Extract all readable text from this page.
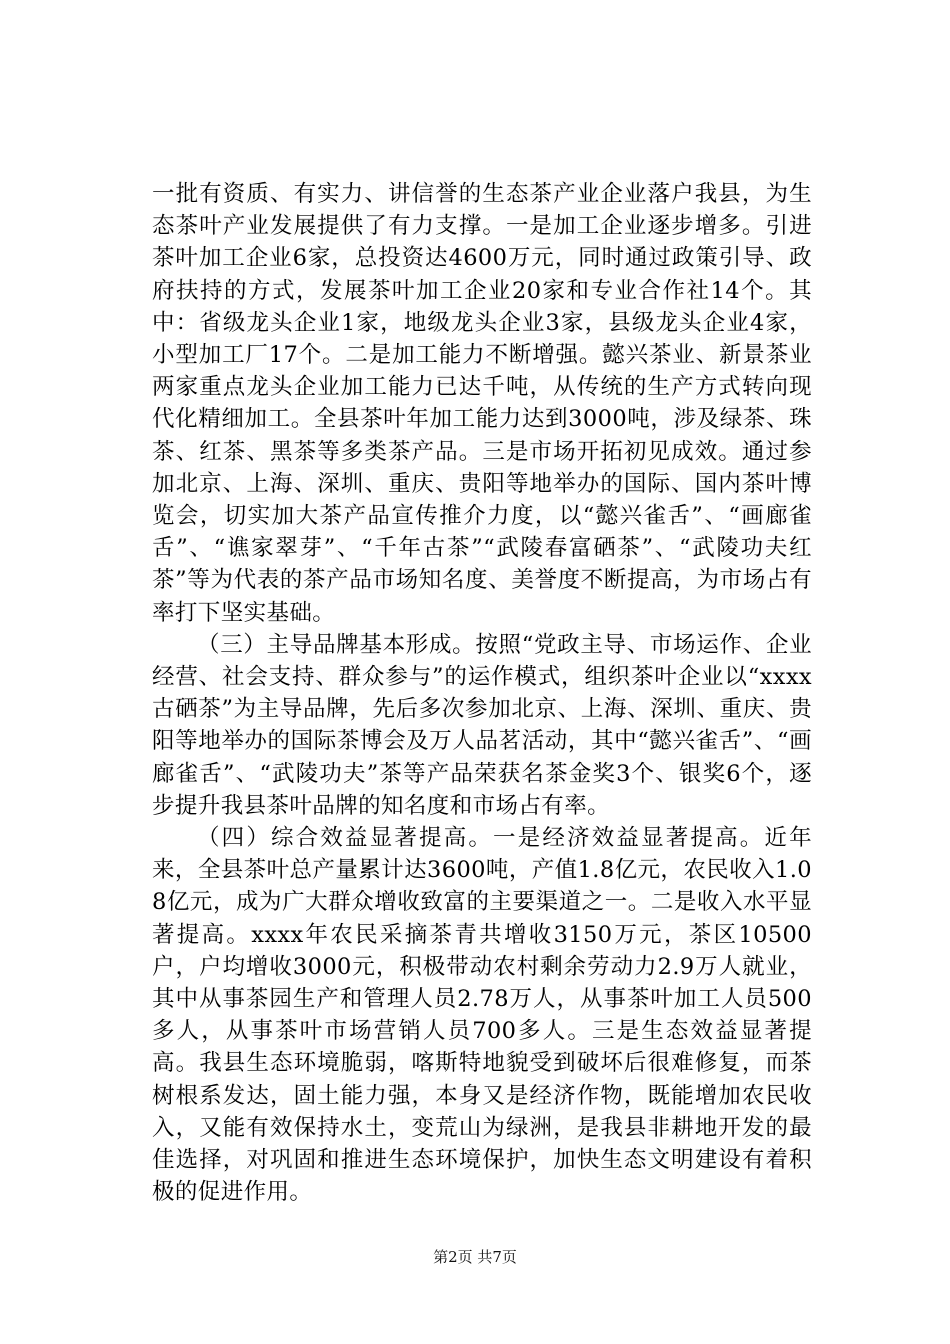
一批有资质、有实力、讲信誉的生态茶产业企业落户我县，为生态茶叶产业发展提供了有力支撑。一是加工企业逐步增多。引进茶叶加工企业6家，总投资达4600万元，同时通过政策引导、政府扶持的方式，发展茶叶加工企业20家和专业合作社14个。其中：省级龙头企业1家，地级龙头企业3家，县级龙头企业4家，小型加工厂17个。二是加工能力不断增强。懿兴茶业、新景茶业两家重点龙头企业加工能力已达千吨，从传统的生产方式转向现代化精细加工。全县茶叶年加工能力达到3000吨，涉及绿茶、珠茶、红茶、黑茶等多类茶产品。三是市场开拓初见成效。通过参加北京、上海、深圳、重庆、贵阳等地举办的国际、国内茶叶博览会，切实加大茶产品宣传推介力度，以“懿兴雀舌”、“画廊雀舌”、“谯家翠芽”、“千年古茶”“武陵春富硒茶”、“武陵功夫红茶”等为代表的茶产品市场知名度、美誉度不断提高，为市场占有率打下坚实基础。

（三）主导品牌基本形成。按照“党政主导、市场运作、企业经营、社会支持、群众参与”的运作模式，组织茶叶企业以“xxxx古硒茶”为主导品牌，先后多次参加北京、上海、深圳、重庆、贵阳等地举办的国际茶博会及万人品茗活动，其中“懿兴雀舌”、“画廊雀舌”、“武陵功夫”茶等产品荣获名茶金奖3个、银奖6个，逐步提升我县茶叶品牌的知名度和市场占有率。

（四）综合效益显著提高。一是经济效益显著提高。近年来，全县茶叶总产量累计达3600吨，产值1.8亿元，农民收入1.08亿元，成为广大群众增收致富的主要渠道之一。二是收入水平显著提高。xxxx年农民采摘茶青共增收3150万元，茶区10500户，户均增收3000元，积极带动农村剩余劳动力2.9万人就业，其中从事茶园生产和管理人员2.78万人，从事茶叶加工人员500多人，从事茶叶市场营销人员700多人。三是生态效益显著提高。我县生态环境脆弱，喀斯特地貌受到破坏后很难修复，而茶树根系发达，固土能力强，本身又是经济作物，既能增加农民收入，又能有效保持水土，变荒山为绿洲，是我县非耕地开发的最佳选择，对巩固和推进生态环境保护，加快生态文明建设有着积极的促进作用。

第2页 共7页
